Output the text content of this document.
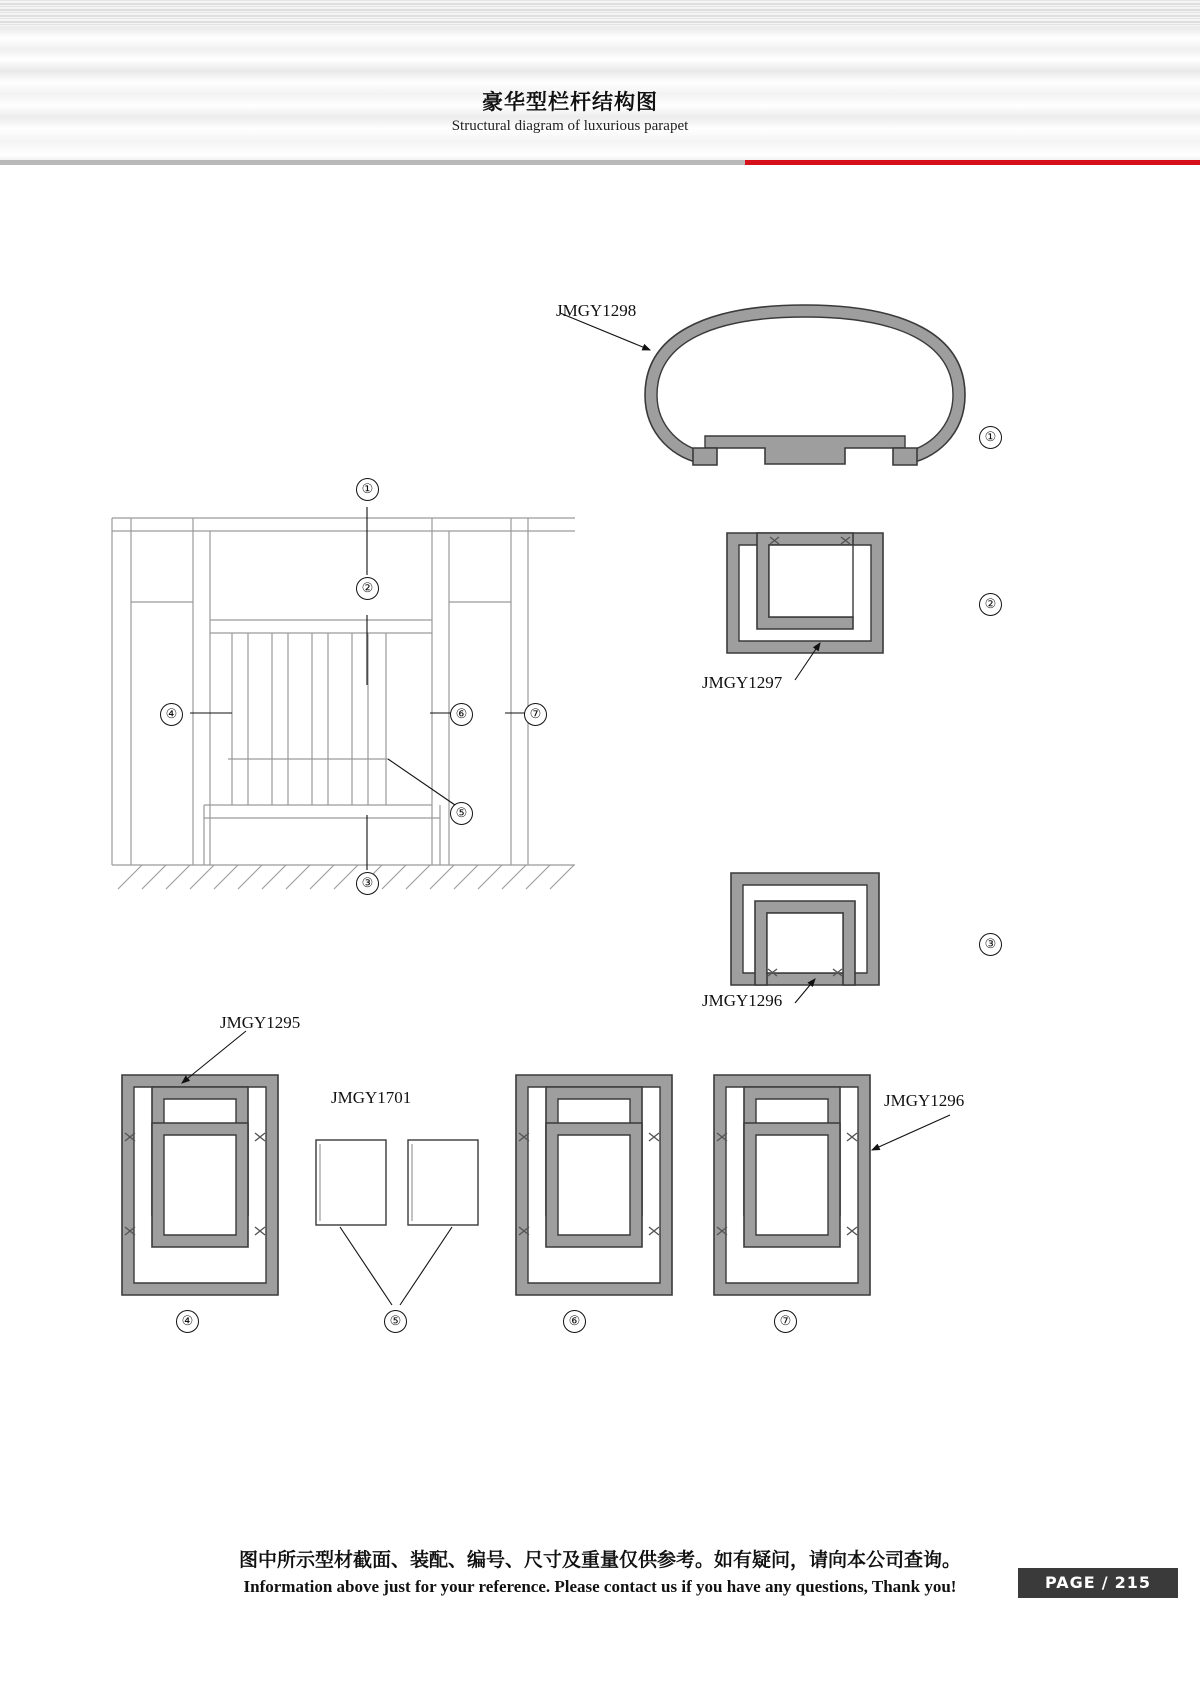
豪华型栏杆结构图
Structural diagram of luxurious parapet
JMGY1298
JMGY1297
JMGY1296
JMGY1295
JMGY1701	JMGY1296
①
②
③
④	⑤	⑥	⑦
①
②
③
④
⑤
⑥	⑦
图中所示型材截面、装配、编号、尺寸及重量仅供参考。如有疑问，请向本公司查询。
Information above just for your reference. Please contact us if you have any questions, Thank you!	PAGE / 215
